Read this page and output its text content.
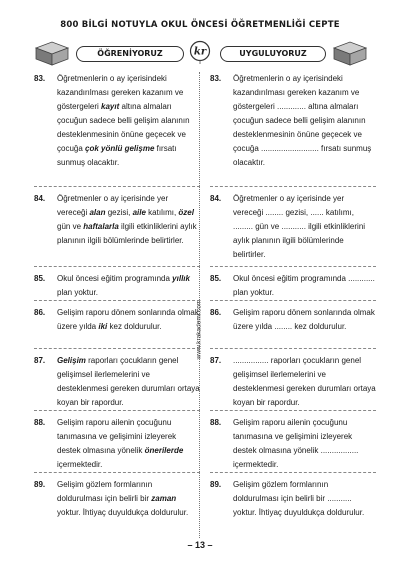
800 BİLGİ NOTUYLA OKUL ÖNCESİ ÖĞRETMENLİĞİ CEPTE
ÖĞRENİYORUZ	kr	UYGULUYORUZ
www.krakademi.com
83. Öğretmenlerin o ay içerisindeki kazandırılması gereken kazanım ve göstergeleri kayıt altına almaları çocuğun sadece belli gelişim alanının desteklenmesinin önüne geçecek ve çocuğa çok yönlü gelişme fırsatı sunmuş olacaktır.
84. Öğretmenler o ay içerisinde yer vereceği alan gezisi, aile katılımı, özel gün ve haftalarla ilgili etkinliklerini aylık planının ilgili bölümlerinde belirtirler.
85. Okul öncesi eğitim programında yıllık plan yoktur.
86. Gelişim raporu dönem sonlarında olmak üzere yılda iki kez doldurulur.
87. Gelişim raporları çocukların genel gelişimsel ilerlemelerini ve desteklenmesi gereken durumları ortaya koyan bir rapordur.
88. Gelişim raporu ailenin çocuğunu tanımasına ve gelişimini izleyerek destek olmasına yönelik önerilerde içermektedir.
89. Gelişim gözlem formlarının doldurulması için belirli bir zaman yoktur. İhtiyaç duyuldukça doldurulur.
83. Öğretmenlerin o ay içerisindeki kazandırılması gereken kazanım ve göstergeleri ............. altına almaları çocuğun sadece belli gelişim alanının desteklenmesinin önüne geçecek ve çocuğa .......................... fırsatı sunmuş olacaktır.
84. Öğretmenler o ay içerisinde yer vereceği ........ gezisi, ...... katılımı, ......... gün ve ........... ilgili etkinliklerini aylık planının ilgili bölümlerinde belirtirler.
85. Okul öncesi eğitim programında ............ plan yoktur.
86. Gelişim raporu dönem sonlarında olmak üzere yılda ........ kez doldurulur.
87. ................ raporları çocukların genel gelişimsel ilerlemelerini ve desteklenmesi gereken durumları ortaya koyan bir rapordur.
88. Gelişim raporu ailenin çocuğunu tanımasına ve gelişimini izleyerek destek olmasına yönelik ................. içermektedir.
89. Gelişim gözlem formlarının doldurulması için belirli bir ........... yoktur. İhtiyaç duyuldukça doldurulur.
– 13 –
